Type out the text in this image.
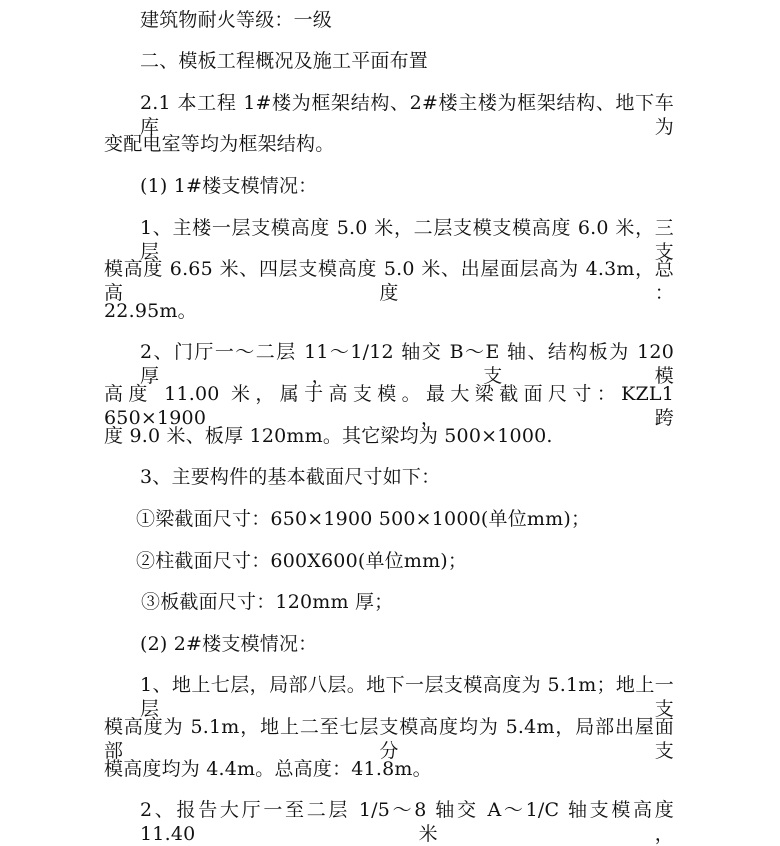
建筑物耐火等级：一级
二、模板工程概况及施工平面布置
2.1 本工程 1#楼为框架结构、2#楼主楼为框架结构、地下车库为
变配电室等均为框架结构。
(1) 1#楼支模情况：
1、主楼一层支模高度 5.0 米，二层支模支模高度 6.0 米，三层支
模高度 6.65 米、四层支模高度 5.0 米、出屋面层高为 4.3m，总高度：
22.95m。
2、门厅一～二层 11～1/12 轴交 B～E 轴、结构板为 120 厚，支模
高度 11.00 米，属于高支模。最大梁截面尺寸：KZL1 650×1900，跨
度 9.0 米、板厚 120mm。其它梁均为 500×1000.
3、主要构件的基本截面尺寸如下：
①梁截面尺寸：650×1900 500×1000(单位mm)；
②柱截面尺寸：600X600(单位mm)；
③板截面尺寸：120mm 厚；
(2) 2#楼支模情况：
1、地上七层，局部八层。地下一层支模高度为 5.1m；地上一层支
模高度为 5.1m，地上二至七层支模高度均为 5.4m，局部出屋面部分支
模高度均为 4.4m。总高度：41.8m。
2、报告大厅一至二层 1/5～8 轴交 A～1/C 轴支模高度 11.40 米，
